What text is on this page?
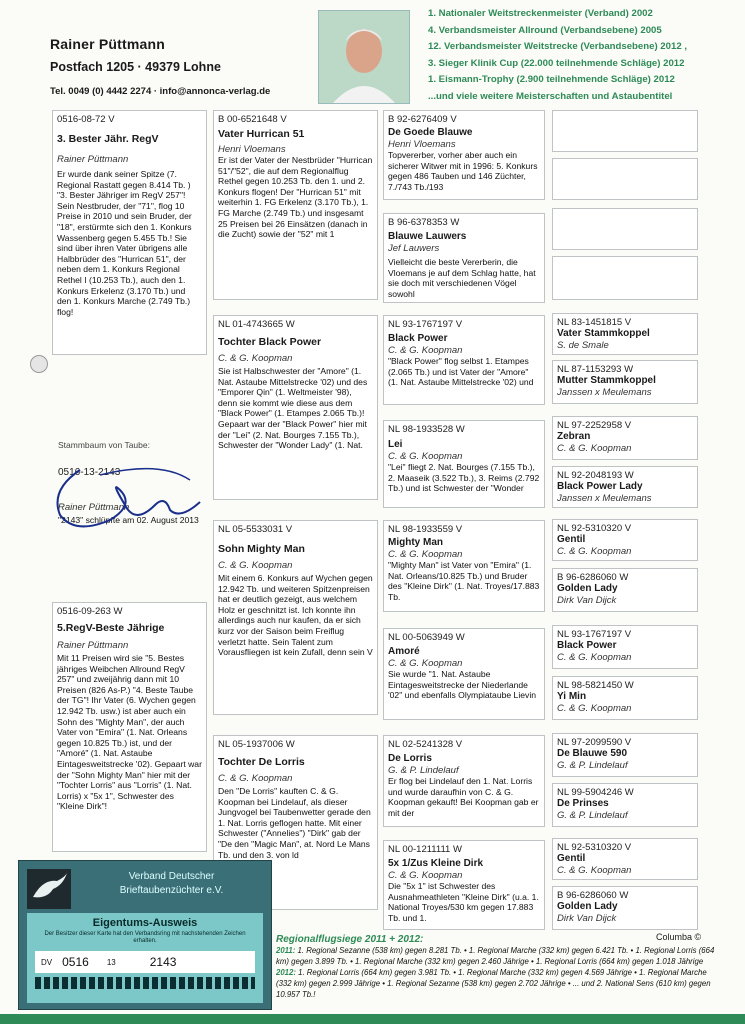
Rainer Püttmann
Postfach 1205 · 49379 Lohne
Tel. 0049 (0) 4442 2274 · info@annonca-verlag.de
1. Nationaler Weitstreckenmeister (Verband) 2002
4. Verbandsmeister Allround (Verbandsebene) 2005
12. Verbandsmeister Weitstrecke (Verbandsebene) 2012 ,
3. Sieger Klinik Cup (22.000 teilnehmende Schläge) 2012
1. Eismann-Trophy (2.900 teilnehmende Schläge) 2012
...und viele weitere Meisterschaften und Astaubentitel
0516-08-72 V
3. Bester Jähr. RegV
Rainer Püttmann
Er wurde dank seiner Spitze (7. Regional Rastatt gegen 8.414 Tb. ) "3. Bester Jähriger im RegV 257"! Sein Nestbruder, der "71", flog 10 Preise in 2010 und sein Bruder, der "18", erstürmte sich den 1. Konkurs Wassenberg gegen 5.455 Tb.! Sie sind über ihren Vater übrigens alle Halbbrüder des "Hurrican 51", der neben dem 1. Konkurs Regional Rethel I (10.253 Tb.), auch den 1. Konkurs Erkelenz (3.170 Tb.) und den 1. Konkurs Marche (2.749 Tb.) flog!
Stammbaum von Taube:
0516-13-2143
Rainer Püttmann
"2143" schlüpfte am 02. August 2013
0516-09-263 W
5.RegV-Beste Jährige
Rainer Püttmann
Mit 11 Preisen wird sie "5. Bestes jähriges Weibchen Allround RegV 257" und zweijährig dann mit 10 Preisen (826 As-P.) "4. Beste Taube der TG"! Ihr Vater (6. Wychen gegen 12.942 Tb. usw.) ist aber auch ein Sohn des "Mighty Man", der auch Vater von "Emira" (1. Nat. Orleans gegen 10.825 Tb.) ist, und der "Amoré" (1. Nat. Astaube Eintagesweitstrecke '02). Gepaart war der "Sohn Mighty Man" hier mit der "Tochter Lorris" aus "Lorris" (1. Nat. Lorris) x "5x 1", Schwester des "Kleine Dirk"!
B 00-6521648 V
Vater Hurrican 51
Henri Vloemans
Er ist der Vater der Nestbrüder "Hurrican 51"/"52", die auf dem Regionalflug Rethel gegen 10.253 Tb. den 1. und 2. Konkurs flogen! Der "Hurrican 51" mit weiterhin 1. FG Erkelenz (3.170 Tb.), 1. FG Marche (2.749 Tb.) und insgesamt 25 Preisen bei 26 Einsätzen (danach in die Zucht) sowie der "52" mit 1
NL 01-4743665 W
Tochter Black Power
C. & G. Koopman
Sie ist Halbschwester der "Amore" (1. Nat. Astaube Mittelstrecke '02) und des "Emporer Qin" (1. Weltmeister '98), denn sie kommt wie diese aus dem "Black Power" (1. Etampes 2.065 Tb.)! Gepaart war der "Black Power" hier mit der "Lei" (2. Nat. Bourges 7.155 Tb.), Schwester der "Wonder Lady" (1. Nat.
NL 05-5533031 V
Sohn Mighty Man
C. & G. Koopman
Mit einem 6. Konkurs auf Wychen gegen 12.942 Tb. und weiteren Spitzenpreisen hat er deutlich gezeigt, aus welchem Holz er geschnitzt ist. Ich konnte ihn allerdings auch nur kaufen, da er sich kurz vor der Saison beim Freiflug verletzt hatte. Sein Talent zum Vorausfliegen ist kein Zufall, denn sein V
NL 05-1937006 W
Tochter De Lorris
C. & G. Koopman
Den "De Lorris" kauften C. & G. Koopman bei Lindelauf, als dieser Jungvogel bei Taubenwetter gerade den 1. Nat. Lorris geflogen hatte. Mit einer Schwester ("Annelies") "Dirk" gab der "De den "Magic Man", at. Nord Le Mans Tb. und den 3. von ld
B 92-6276409 V
De Goede Blauwe
Henri Vloemans
Topvererber, vorher aber auch ein sicherer Witwer mit in 1996: 5. Konkurs gegen 486 Tauben und 146 Züchter, 7./743 Tb./193
B 96-6378353 W
Blauwe Lauwers
Jef Lauwers
Vielleicht die beste Vererberin, die Vloemans je auf dem Schlag hatte, hat sie doch mit verschiedenen Vögel sowohl
NL 93-1767197 V
Black Power
C. & G. Koopman
"Black Power" flog selbst 1. Etampes (2.065 Tb.) und ist Vater der "Amore" (1. Nat. Astaube Mittelstrecke '02) und
NL 98-1933528 W
Lei
C. & G. Koopman
"Lei" fliegt 2. Nat. Bourges (7.155 Tb.), 2. Maaseik (3.522 Tb.), 3. Reims (2.792 Tb.) und ist Schwester der "Wonder
NL 98-1933559 V
Mighty Man
C. & G. Koopman
"Mighty Man" ist Vater von "Emira" (1. Nat. Orleans/10.825 Tb.) und Bruder des "Kleine Dirk" (1. Nat. Troyes/17.883 Tb.
NL 00-5063949 W
Amoré
C. & G. Koopman
Sie wurde "1. Nat. Astaube Eintagesweitstrecke der Niederlande '02" und ebenfalls Olympiataube Lievin
NL 02-5241328 V
De Lorris
G. & P. Lindelauf
Er flog bei Lindelauf den 1. Nat. Lorris und wurde daraufhin von C. & G. Koopman gekauft! Bei Koopman gab er mit der
NL 00-1211111 W
5x 1/Zus Kleine Dirk
C. & G. Koopman
Die "5x 1" ist Schwester des Ausnahmeathleten "Kleine Dirk" (u.a. 1. National Troyes/530 km gegen 17.883 Tb. und 1.
NL 83-1451815 V
Vater Stammkoppel
S. de Smale
NL 87-1153293 W
Mutter Stammkoppel
Janssen x Meulemans
NL 97-2252958 V
Zebran
C. & G. Koopman
NL 92-2048193 W
Black Power Lady
Janssen x Meulemans
NL 92-5310320 V
Gentil
C. & G. Koopman
B 96-6286060 W
Golden Lady
Dirk Van Dijck
NL 93-1767197 V
Black Power
C. & G. Koopman
NL 98-5821450 W
Yi Min
C. & G. Koopman
NL 97-2099590 V
De Blauwe 590
G. & P. Lindelauf
NL 99-5904246 W
De Prinses
G. & P. Lindelauf
NL 92-5310320 V
Gentil
C. & G. Koopman
B 96-6286060 W
Golden Lady
Dirk Van Dijck
Columba ©
Verband Deutscher
Brieftaubenzüchter e.V.
Eigentums-Ausweis
Der Besitzer dieser Karte hat den Verbandsring mit nachstehenden Zeichen erhalten.
DV 0516 13	2143
Regionalflugsiege 2011 + 2012:
2011: 1. Regional Sezanne (538 km) gegen 8.281 Tb. • 1. Regional Marche (332 km) gegen 6.421 Tb. • 1. Regional Lorris (664 km) gegen 3.899 Tb. • 1. Regional Marche (332 km) gegen 2.460 Jährige • 1. Regional Lorris (664 km) gegen 1.018 Jährige
2012: 1. Regional Lorris (664 km) gegen 3.981 Tb. • 1. Regional Marche (332 km) gegen 4.569 Jährige • 1. Regional Marche (332 km) gegen 2.999 Jährige • 1. Regional Sezanne (538 km) gegen 2.702 Jährige • ... und 2. National Sens (610 km) gegen 10.957 Tb.!
